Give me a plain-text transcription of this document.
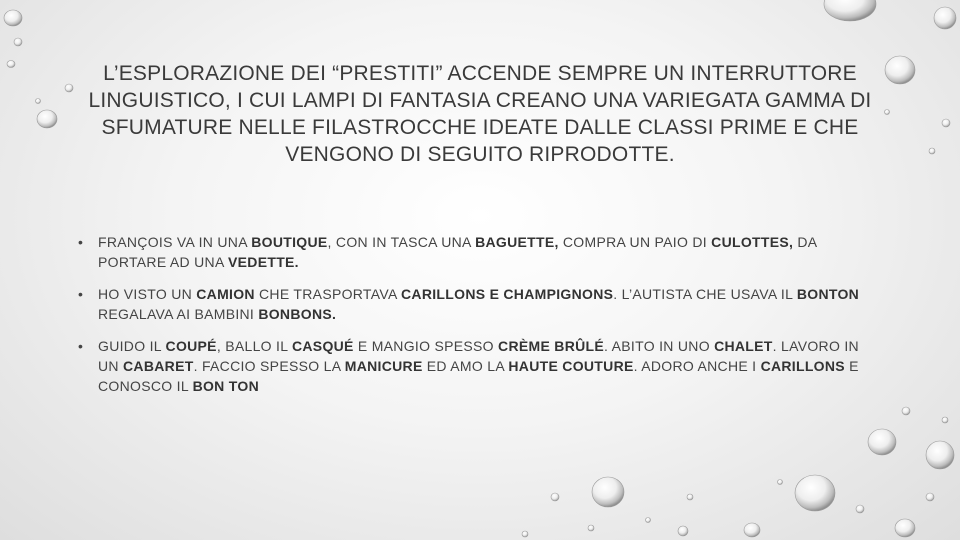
L’ESPLORAZIONE DEI “PRESTITI” ACCENDE SEMPRE UN INTERRUTTORE LINGUISTICO, I CUI LAMPI DI FANTASIA CREANO UNA VARIEGATA GAMMA DI SFUMATURE NELLE FILASTROCCHE IDEATE DALLE CLASSI PRIME E CHE VENGONO DI SEGUITO RIPRODOTTE.
• FRANÇOIS VA IN UNA BOUTIQUE, CON IN TASCA UNA BAGUETTE, COMPRA UN PAIO DI CULOTTES, DA PORTARE AD UNA VEDETTE.
• HO VISTO UN CAMION CHE TRASPORTAVA CARILLONS E CHAMPIGNONS. L’AUTISTA CHE USAVA IL BONTON REGALAVA AI BAMBINI BONBONS.
• GUIDO IL COUPÉ, BALLO IL CASQUÉ E MANGIO SPESSO CRÈME BRÛLÉ. ABITO IN UNO CHALET. LAVORO IN UN CABARET. FACCIO SPESSO LA MANICURE ED AMO LA HAUTE COUTURE. ADORO ANCHE I CARILLONS E CONOSCO IL BON TON
